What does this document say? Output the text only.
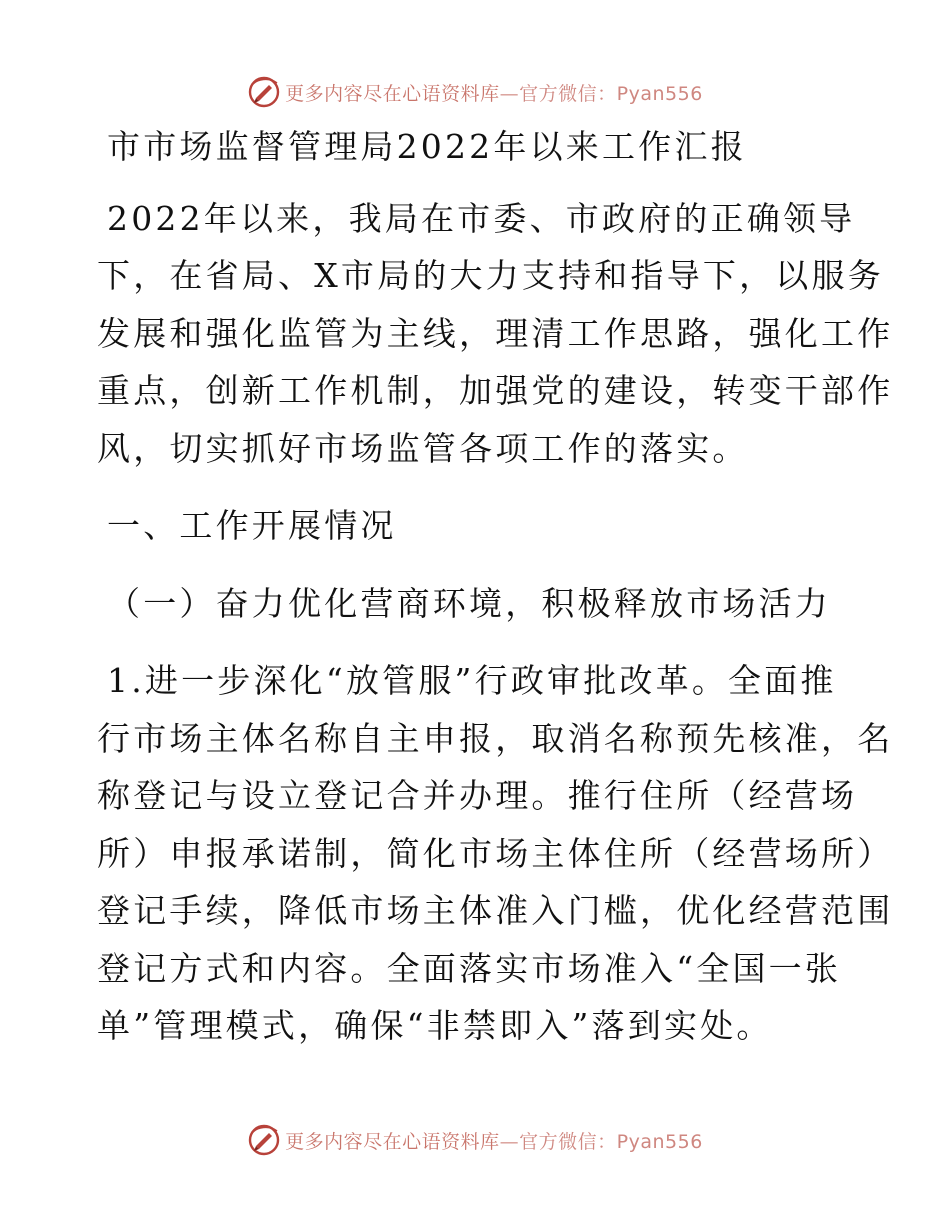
更多内容尽在心语资料库—官方微信：Pyan556
市市场监督管理局2022年以来工作汇报
2022年以来，我局在市委、市政府的正确领导
下，在省局、X市局的大力支持和指导下，以服务
发展和强化监管为主线，理清工作思路，强化工作
重点，创新工作机制，加强党的建设，转变干部作
风，切实抓好市场监管各项工作的落实。
一、工作开展情况
（一）奋力优化营商环境，积极释放市场活力
1.进一步深化“放管服”行政审批改革。全面推
行市场主体名称自主申报，取消名称预先核准，名
称登记与设立登记合并办理。推行住所（经营场
所）申报承诺制，简化市场主体住所（经营场所）
登记手续，降低市场主体准入门槛，优化经营范围
登记方式和内容。全面落实市场准入“全国一张
单”管理模式，确保“非禁即入”落到实处。
更多内容尽在心语资料库—官方微信：Pyan556
